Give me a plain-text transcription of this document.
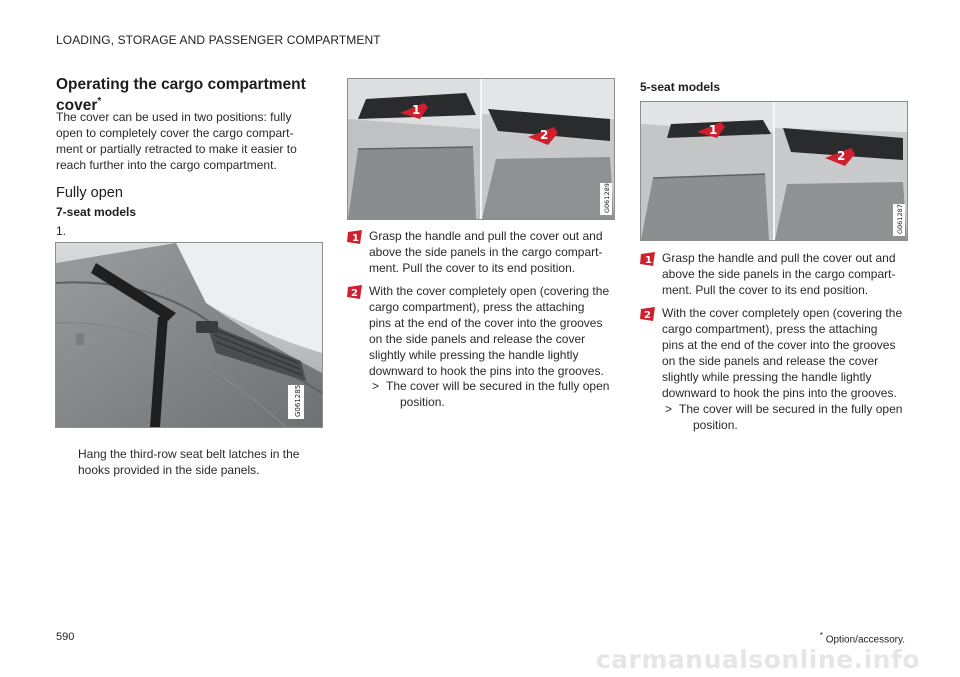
LOADING, STORAGE AND PASSENGER COMPARTMENT
Operating the cargo compartment cover*

The cover can be used in two positions: fully

open to completely cover the cargo compart-

ment or partially retracted to make it easier to

reach further into the cargo compartment.

Fully open
7-seat models
1.
G061285

Hang the third-row seat belt latches in the

hooks provided in the side panels.

1
2
G061289
1 Grasp the handle and pull the cover out and
above the side panels in the cargo compart-
ment. Pull the cover to its end position.
2 With the cover completely open (covering the
cargo compartment), press the attaching
pins at the end of the cover into the grooves
on the side panels and release the cover
slightly while pressing the handle lightly
downward to hook the pins into the grooves.
> The cover will be secured in the fully open
position.
5-seat models
1
2
G061287
1 Grasp the handle and pull the cover out and
above the side panels in the cargo compart-
ment. Pull the cover to its end position.
2 With the cover completely open (covering the
cargo compartment), press the attaching
pins at the end of the cover into the grooves
on the side panels and release the cover
slightly while pressing the handle lightly
downward to hook the pins into the grooves.
> The cover will be secured in the fully open
position.
590	* Option/accessory.
carmanualsonline.info
